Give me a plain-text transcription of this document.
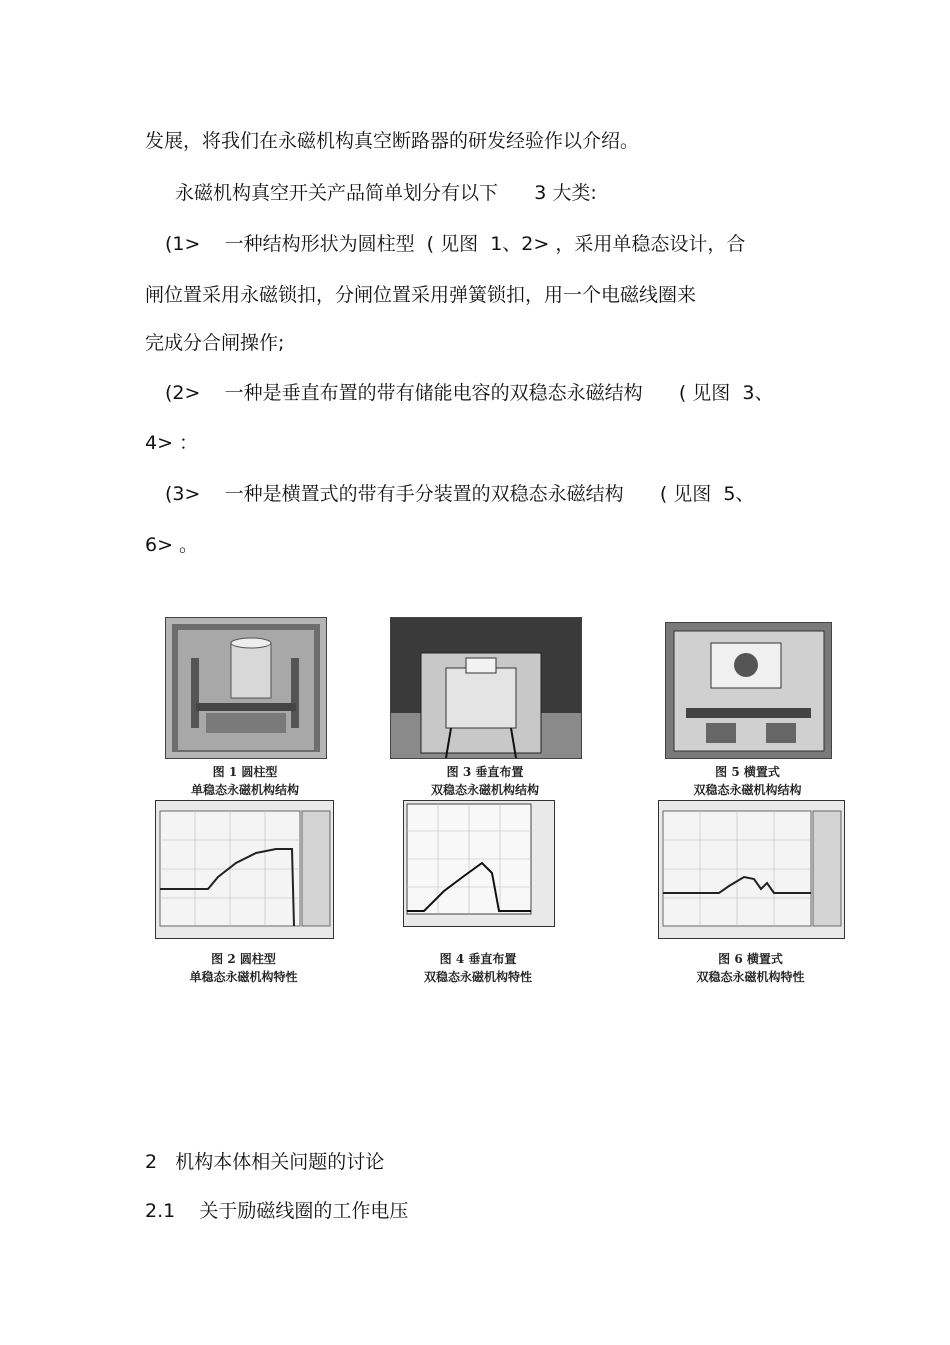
发展，将我们在永磁机构真空断路器的研发经验作以介绍。
永磁机构真空开关产品简单划分有以下      3 大类:
(1>    一种结构形状为圆柱型  ( 见图  1、2> ，采用单稳态设计，合
闸位置采用永磁锁扣，分闸位置采用弹簧锁扣，用一个电磁线圈来
完成分合闸操作;
(2>    一种是垂直布置的带有储能电容的双稳态永磁结构      ( 见图  3、
4> ：
(3>    一种是横置式的带有手分装置的双稳态永磁结构      ( 见图  5、
6> 。
图 1 圆柱型
单稳态永磁机构结构
图 3 垂直布置
双稳态永磁机构结构
图 5 横置式
双稳态永磁机构结构
图 2 圆柱型
单稳态永磁机构特性
图 4 垂直布置
双稳态永磁机构特性
图 6 横置式
双稳态永磁机构特性
2   机构本体相关问题的讨论
2.1    关于励磁线圈的工作电压
